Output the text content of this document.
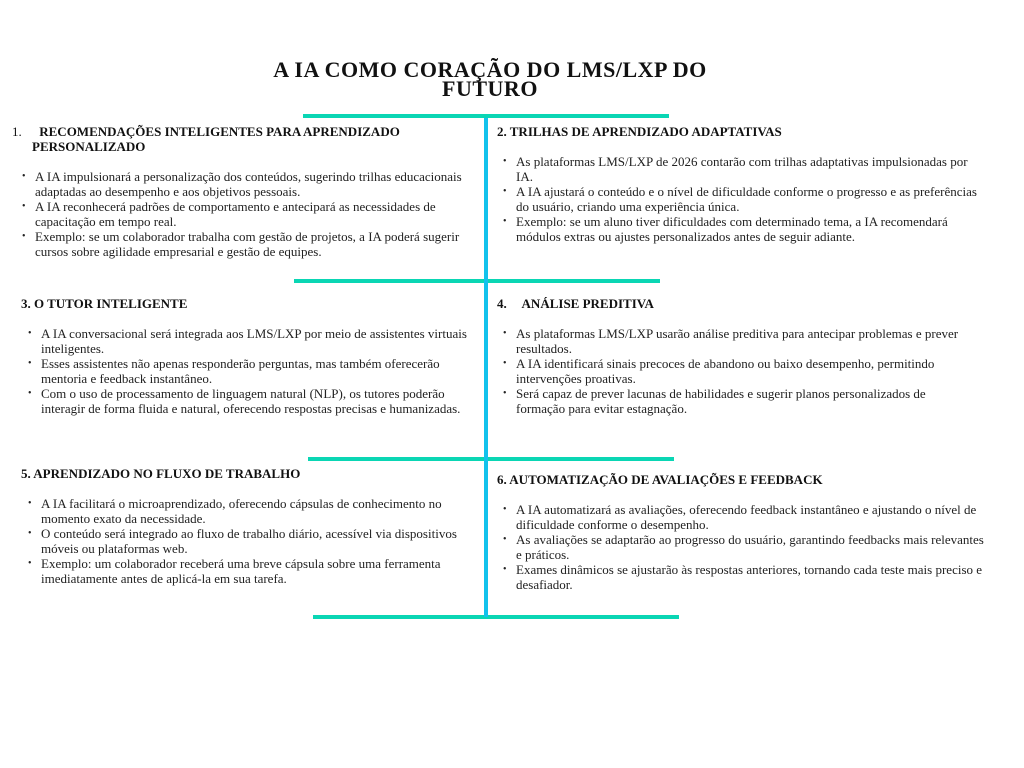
A IA COMO CORAÇÃO DO LMS/LXP DO
FUTURO
1. RECOMENDAÇÕES INTELIGENTES PARA APRENDIZADO PERSONALIZADO
• A IA impulsionará a personalização dos conteúdos, sugerindo trilhas educacionais adaptadas ao desempenho e aos objetivos pessoais.
• A IA reconhecerá padrões de comportamento e antecipará as necessidades de capacitação em tempo real.
• Exemplo: se um colaborador trabalha com gestão de projetos, a IA poderá sugerir cursos sobre agilidade empresarial e gestão de equipes.
2. TRILHAS DE APRENDIZADO ADAPTATIVAS
• As plataformas LMS/LXP de 2026 contarão com trilhas adaptativas impulsionadas por IA.
• A IA ajustará o conteúdo e o nível de dificuldade conforme o progresso e as preferências do usuário, criando uma experiência única.
• Exemplo: se um aluno tiver dificuldades com determinado tema, a IA recomendará módulos extras ou ajustes personalizados antes de seguir adiante.
3. O TUTOR INTELIGENTE
• A IA conversacional será integrada aos LMS/LXP por meio de assistentes virtuais inteligentes.
• Esses assistentes não apenas responderão perguntas, mas também oferecerão mentoria e feedback instantâneo.
• Com o uso de processamento de linguagem natural (NLP), os tutores poderão interagir de forma fluida e natural, oferecendo respostas precisas e humanizadas.
4. ANÁLISE PREDITIVA
• As plataformas LMS/LXP usarão análise preditiva para antecipar problemas e prever resultados.
• A IA identificará sinais precoces de abandono ou baixo desempenho, permitindo intervenções proativas.
• Será capaz de prever lacunas de habilidades e sugerir planos personalizados de formação para evitar estagnação.
5. APRENDIZADO NO FLUXO DE TRABALHO
• A IA facilitará o microaprendizado, oferecendo cápsulas de conhecimento no momento exato da necessidade.
• O conteúdo será integrado ao fluxo de trabalho diário, acessível via dispositivos móveis ou plataformas web.
• Exemplo: um colaborador receberá uma breve cápsula sobre uma ferramenta imediatamente antes de aplicá-la em sua tarefa.
6. AUTOMATIZAÇÃO DE AVALIAÇÕES E FEEDBACK
• A IA automatizará as avaliações, oferecendo feedback instantâneo e ajustando o nível de dificuldade conforme o desempenho.
• As avaliações se adaptarão ao progresso do usuário, garantindo feedbacks mais relevantes e práticos.
• Exames dinâmicos se ajustarão às respostas anteriores, tornando cada teste mais preciso e desafiador.
